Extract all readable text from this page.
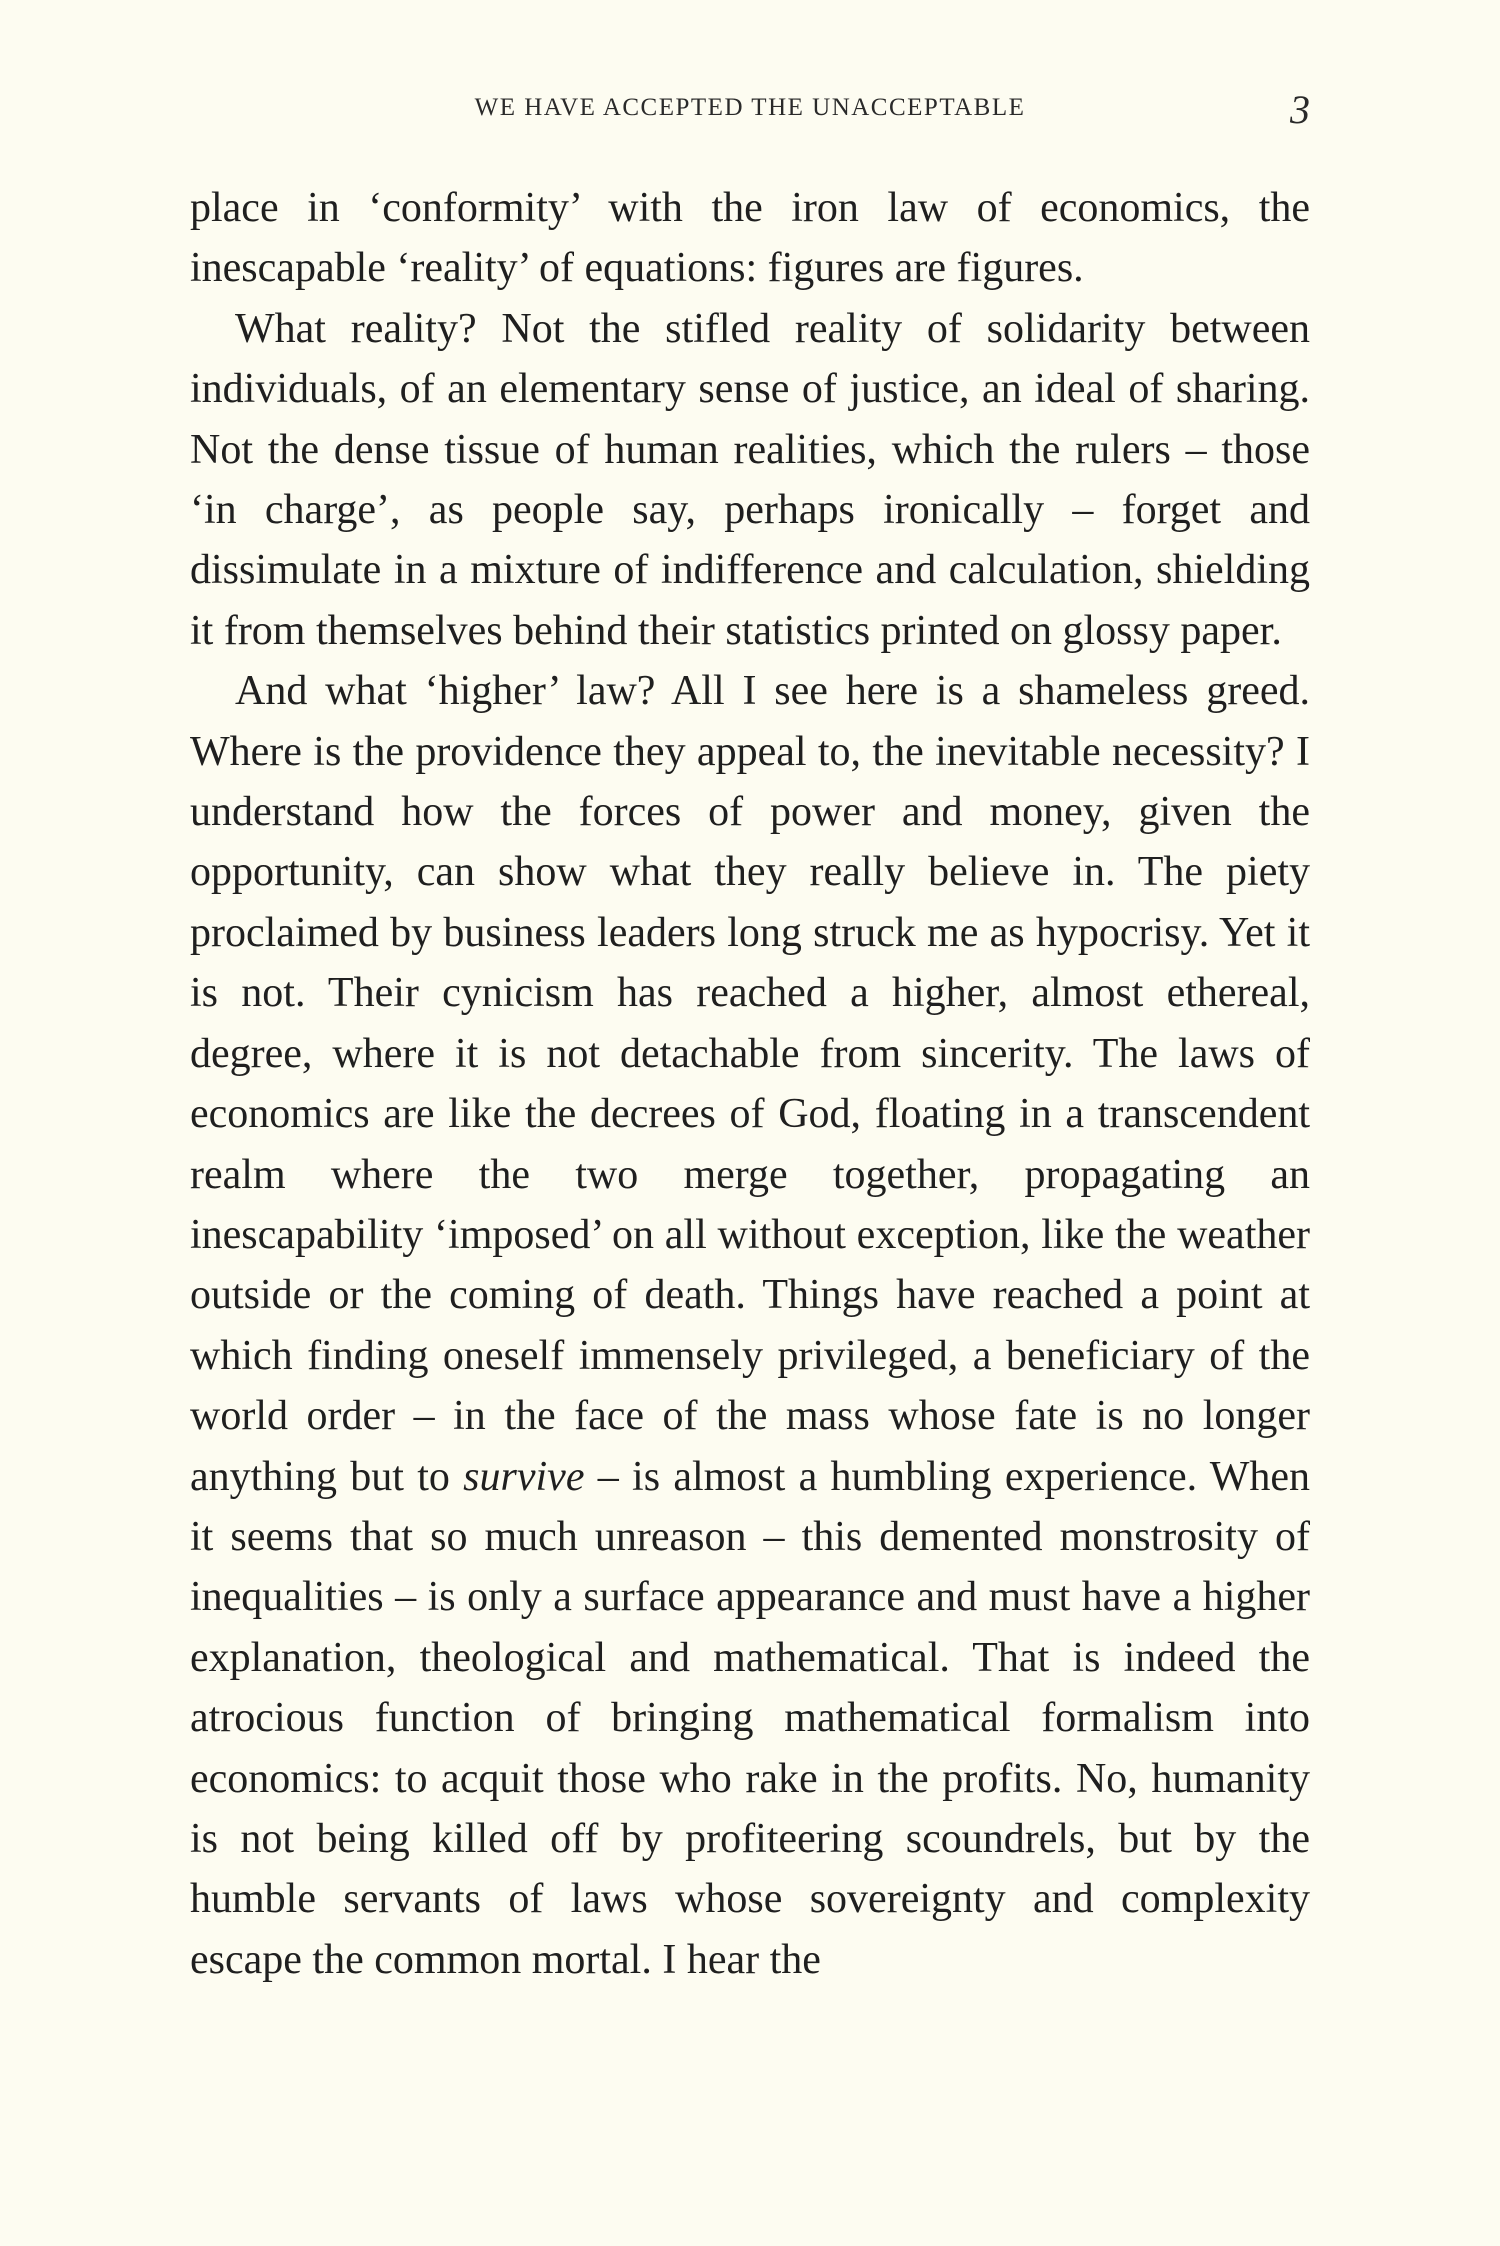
WE HAVE ACCEPTED THE UNACCEPTABLE	3

place in ‘conformity’ with the iron law of economics, the inescapable ‘reality’ of equations: figures are figures.

What reality? Not the stifled reality of solidarity between individuals, of an elementary sense of justice, an ideal of sharing. Not the dense tissue of human realities, which the rulers – those ‘in charge’, as people say, perhaps ironically – forget and dissimulate in a mixture of indifference and calculation, shielding it from themselves behind their statistics printed on glossy paper.

And what ‘higher’ law? All I see here is a shameless greed. Where is the providence they appeal to, the inevitable necessity? I understand how the forces of power and money, given the opportunity, can show what they really believe in. The piety proclaimed by business leaders long struck me as hypocrisy. Yet it is not. Their cynicism has reached a higher, almost ethereal, degree, where it is not detachable from sincerity. The laws of economics are like the decrees of God, floating in a transcendent realm where the two merge together, propagating an inescapability ‘imposed’ on all without exception, like the weather outside or the coming of death. Things have reached a point at which finding oneself immensely privileged, a beneficiary of the world order – in the face of the mass whose fate is no longer anything but to survive – is almost a humbling experience. When it seems that so much unreason – this demented monstrosity of inequalities – is only a surface appearance and must have a higher explanation, theological and mathematical. That is indeed the atrocious function of bringing mathematical formalism into economics: to acquit those who rake in the profits. No, humanity is not being killed off by profiteering scoundrels, but by the humble servants of laws whose sovereignty and complexity escape the common mortal. I hear the
